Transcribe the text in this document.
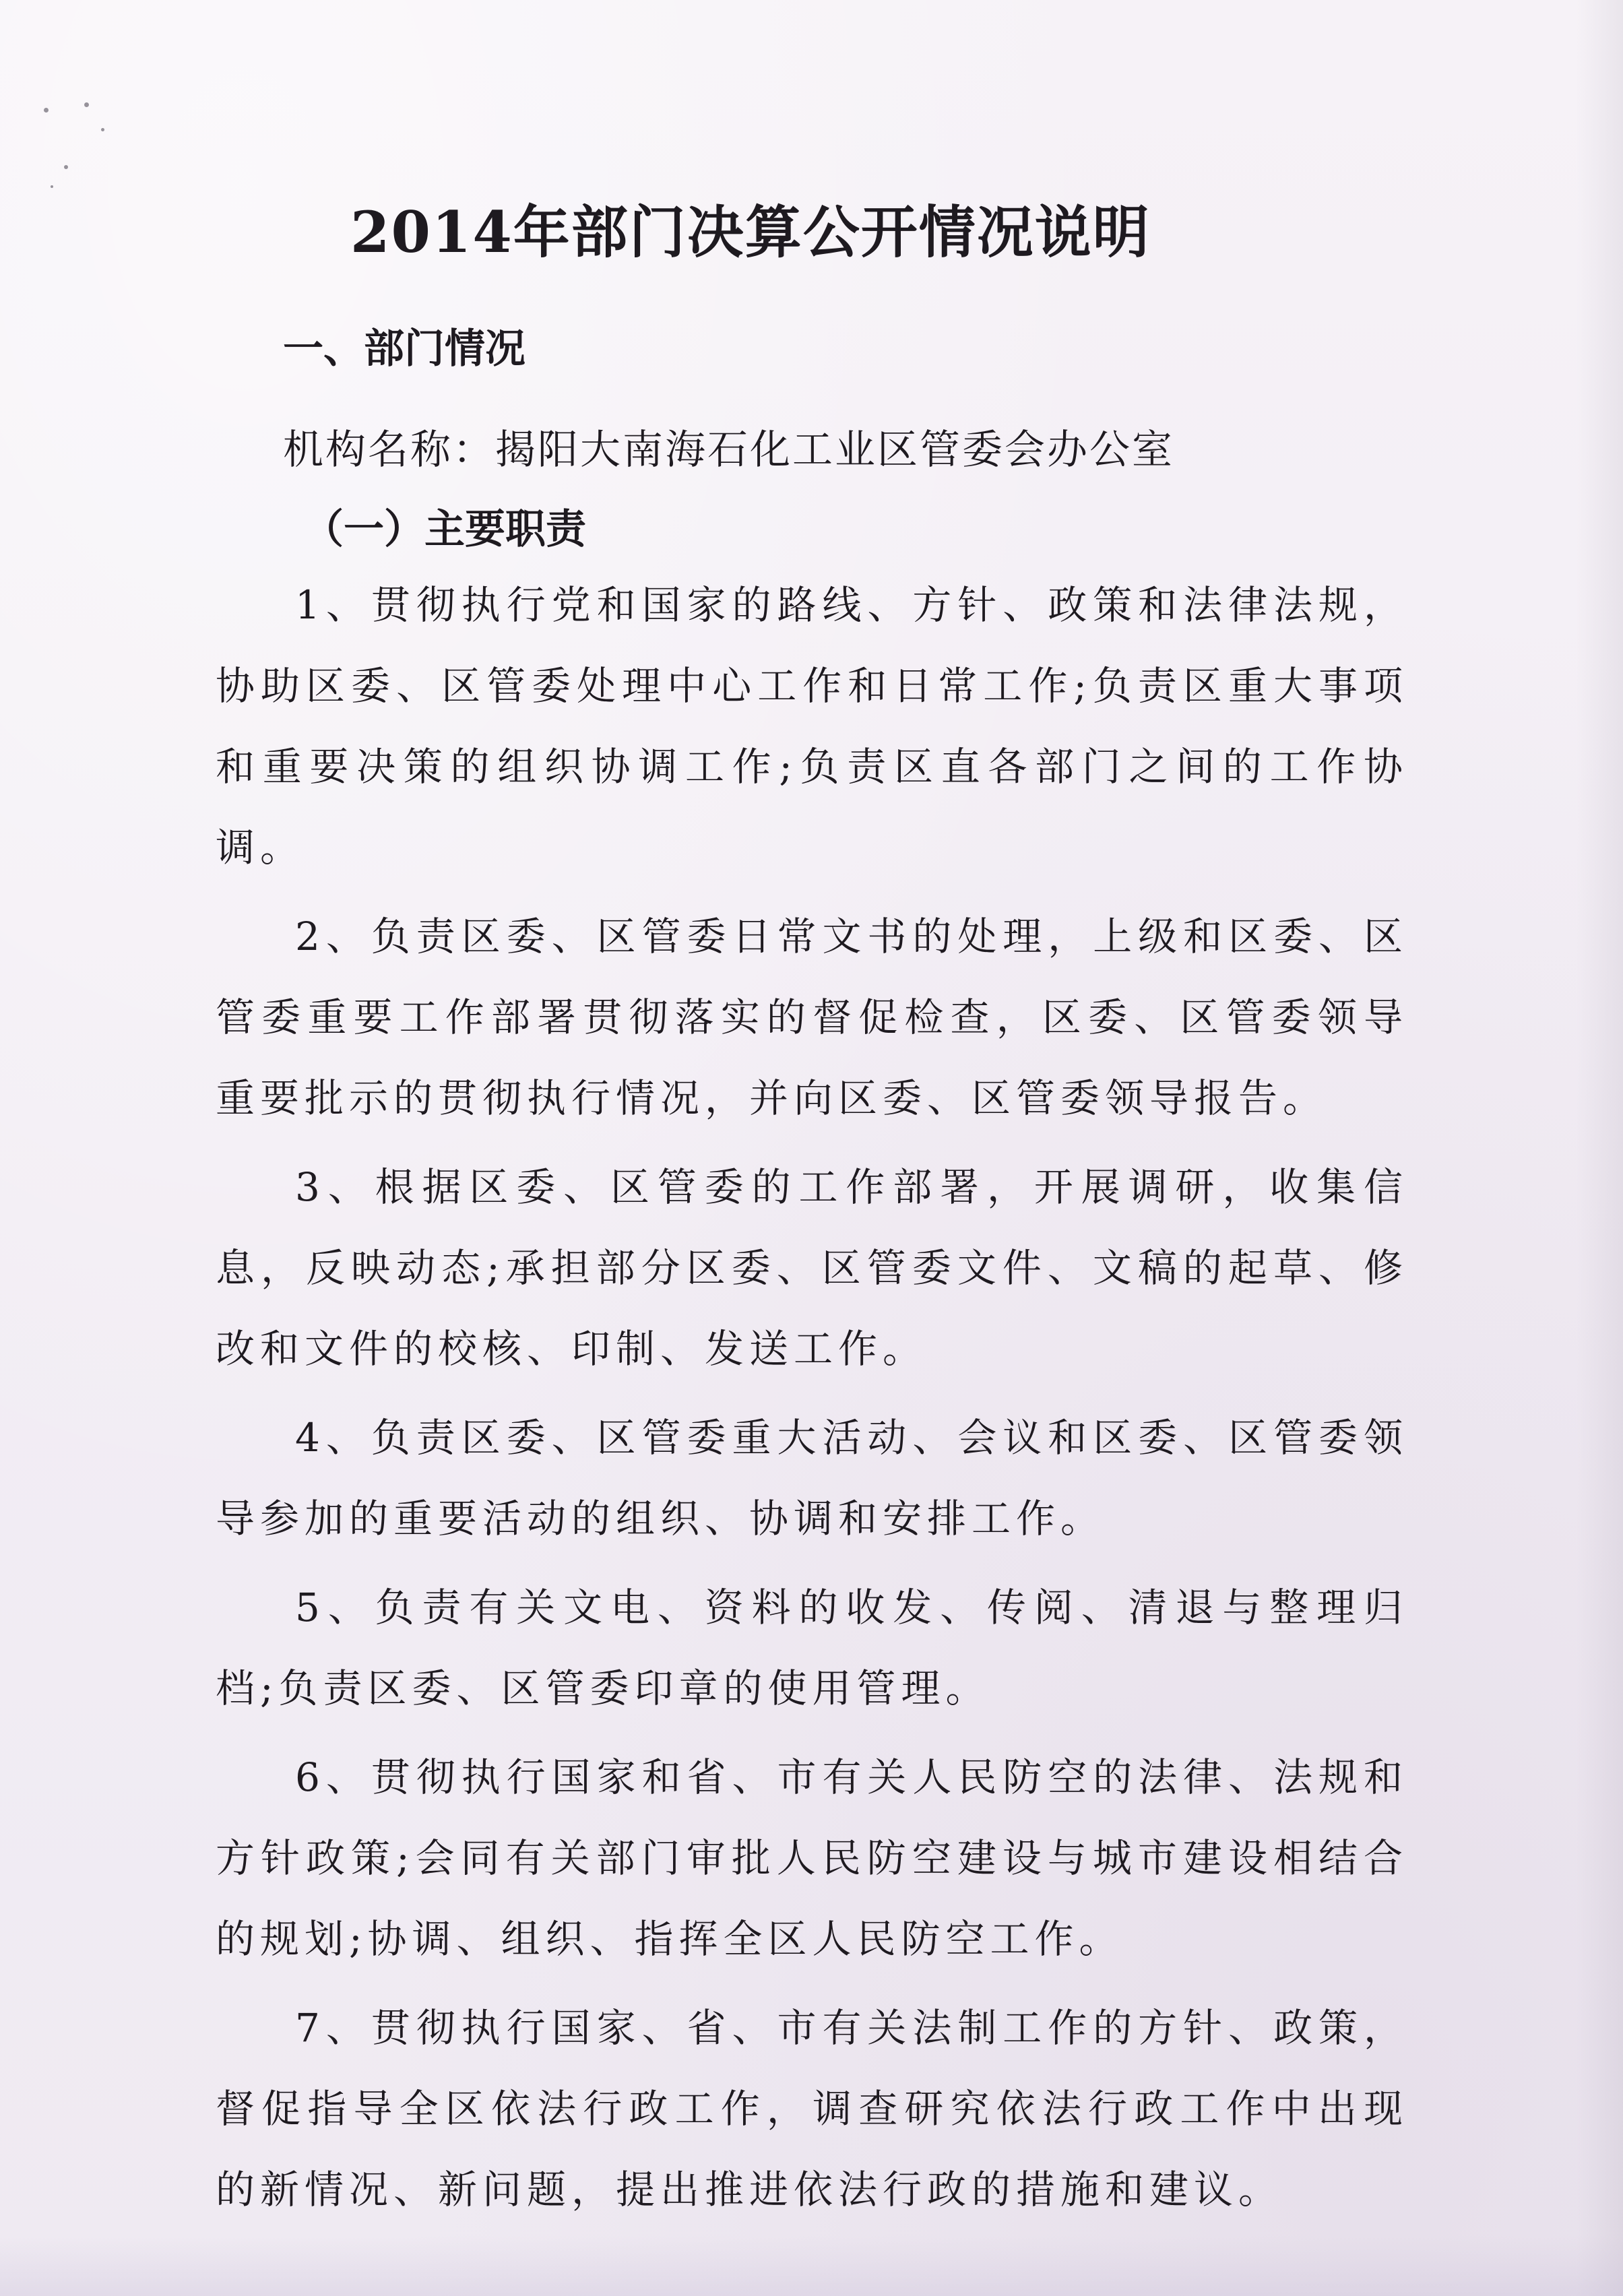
2014年部门决算公开情况说明
一、部门情况
机构名称：揭阳大南海石化工业区管委会办公室
（一）主要职责

1、贯彻执行党和国家的路线、方针、政策和法律法规，协助区委、区管委处理中心工作和日常工作;负责区重大事项和重要决策的组织协调工作;负责区直各部门之间的工作协调。

2、负责区委、区管委日常文书的处理，上级和区委、区管委重要工作部署贯彻落实的督促检查，区委、区管委领导重要批示的贯彻执行情况，并向区委、区管委领导报告。

3、根据区委、区管委的工作部署，开展调研，收集信息，反映动态;承担部分区委、区管委文件、文稿的起草、修改和文件的校核、印制、发送工作。

4、负责区委、区管委重大活动、会议和区委、区管委领导参加的重要活动的组织、协调和安排工作。

5、负责有关文电、资料的收发、传阅、清退与整理归档;负责区委、区管委印章的使用管理。

6、贯彻执行国家和省、市有关人民防空的法律、法规和方针政策;会同有关部门审批人民防空建设与城市建设相结合的规划;协调、组织、指挥全区人民防空工作。

7、贯彻执行国家、省、市有关法制工作的方针、政策，督促指导全区依法行政工作，调查研究依法行政工作中出现的新情况、新问题，提出推进依法行政的措施和建议。
